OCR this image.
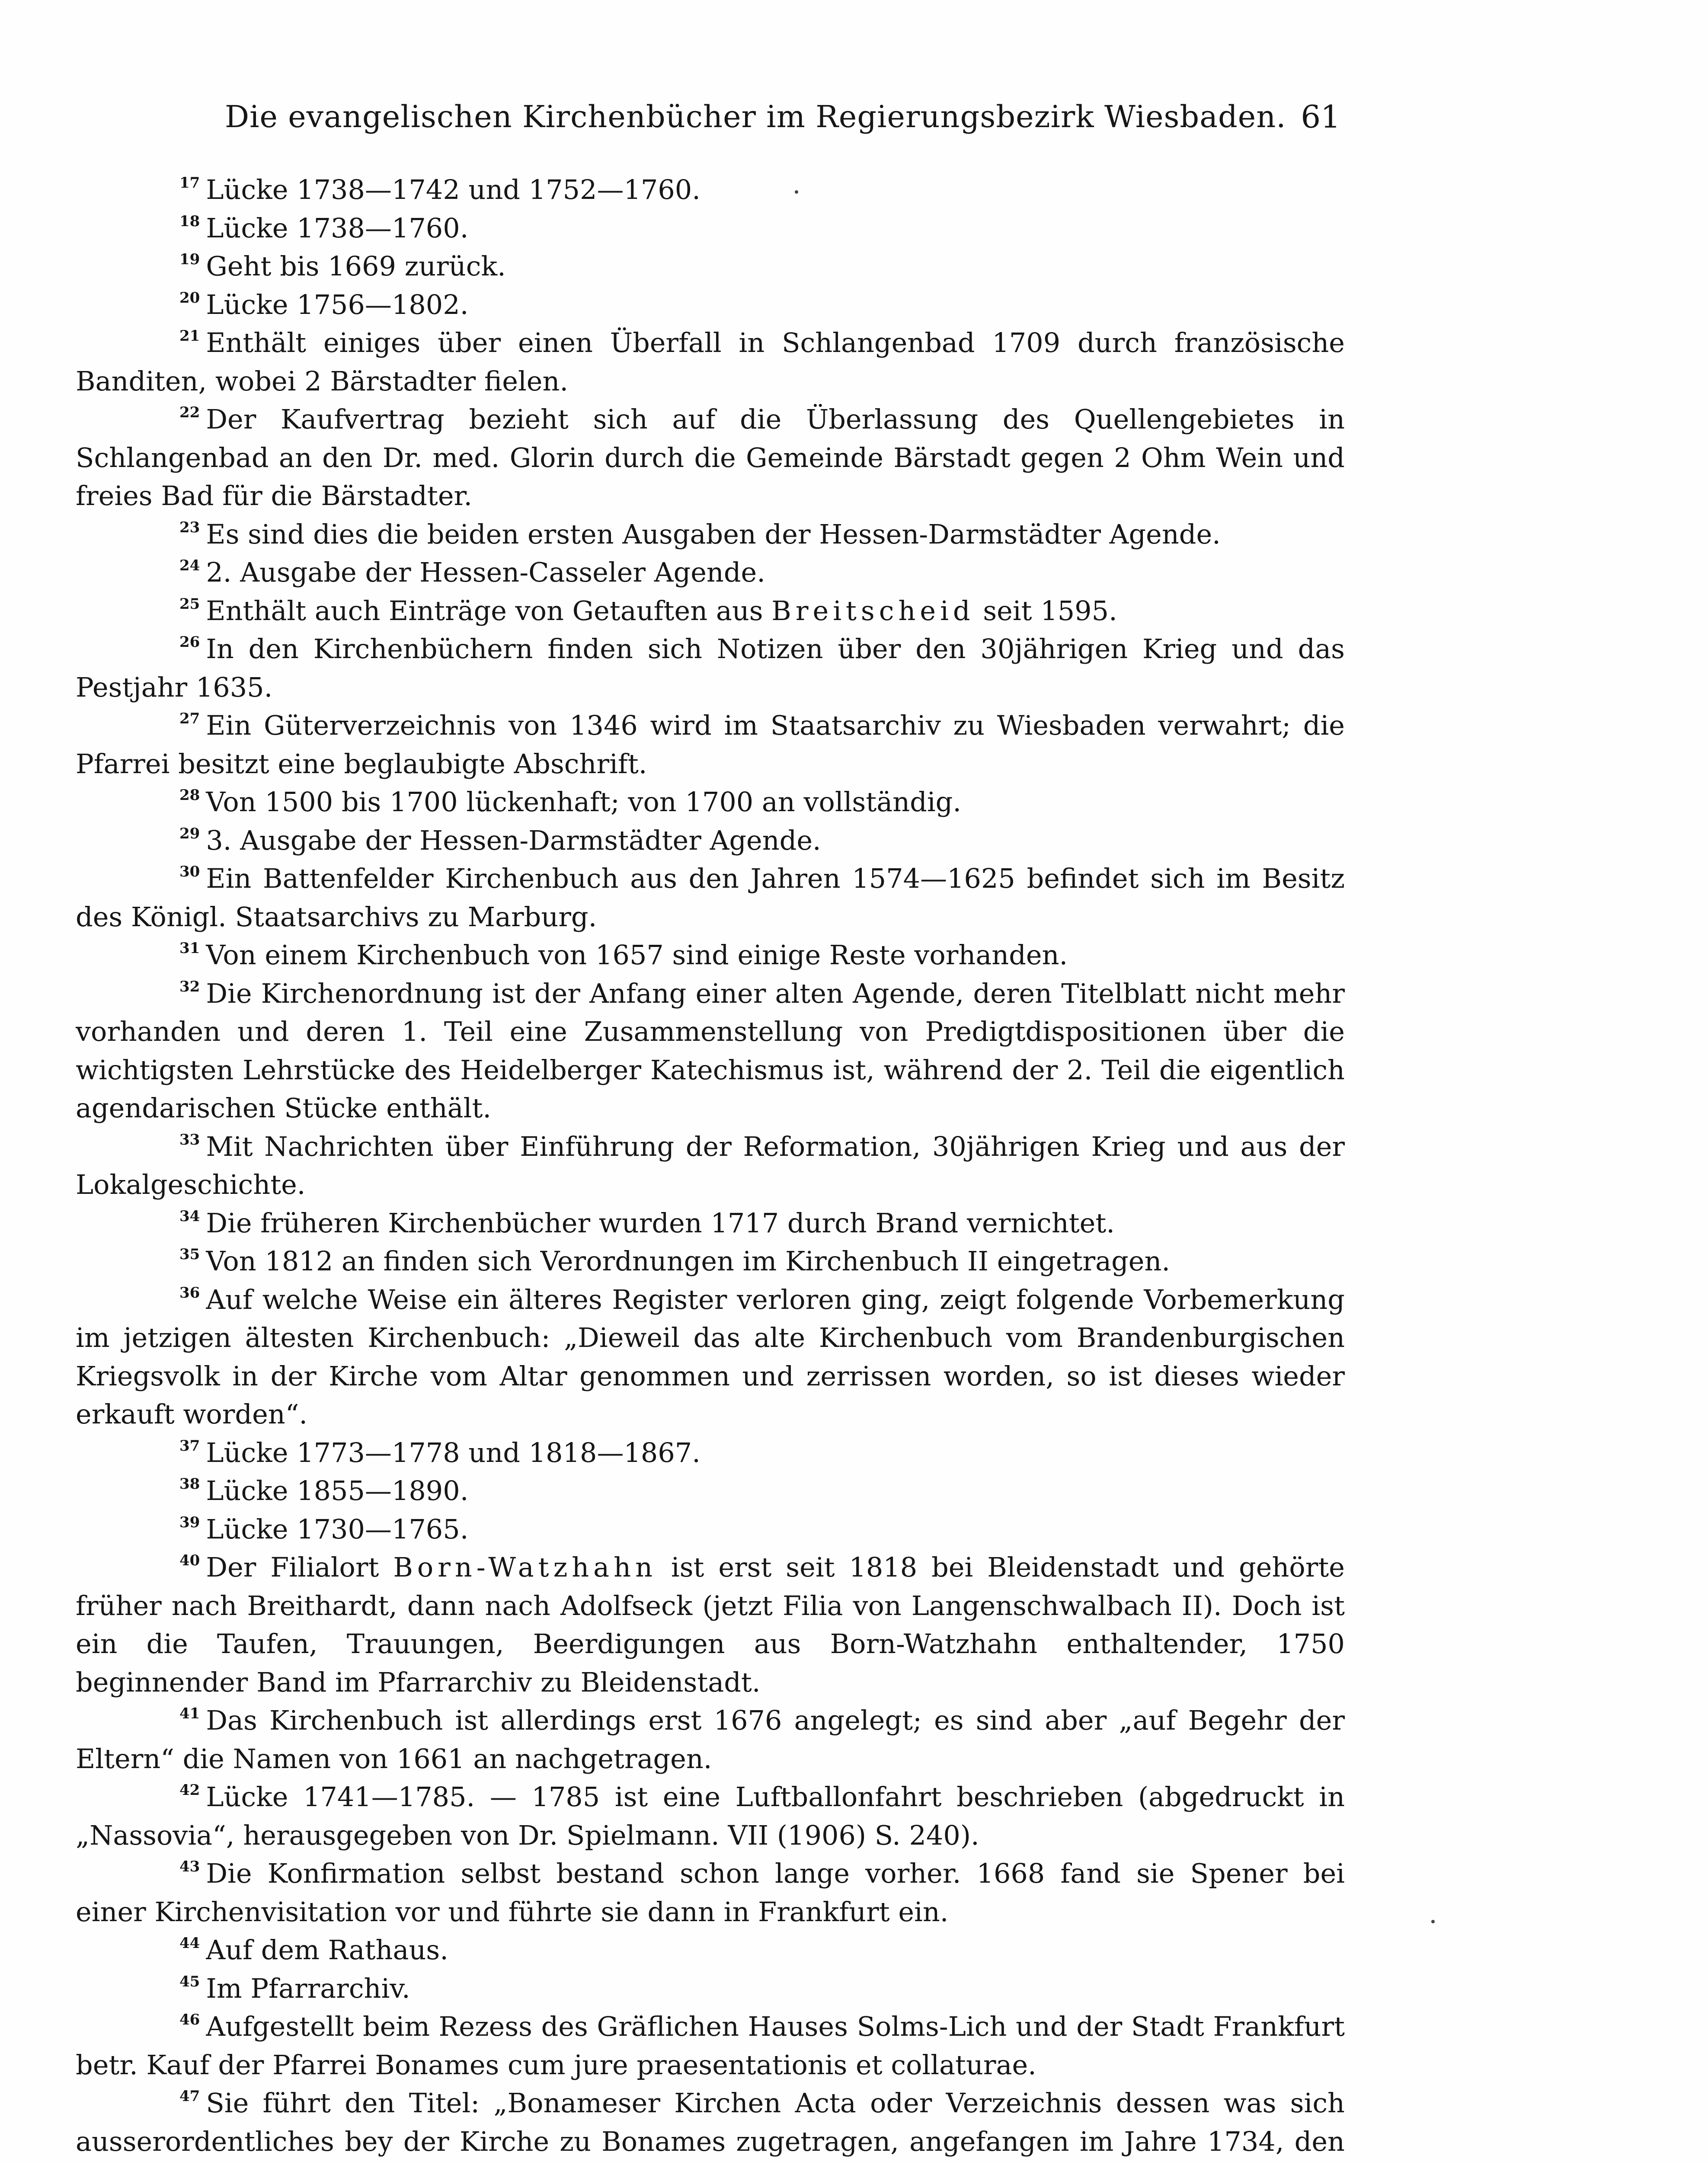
Die evangelischen Kirchenbücher im Regierungsbezirk Wiesbaden. 61

$^{17}$ Lücke 1738—1742 und 1752—1760.

$^{18}$ Lücke 1738—1760.

$^{19}$ Geht bis 1669 zurück.

$^{20}$ Lücke 1756—1802.

$^{21}$ Enthält einiges über einen Überfall in Schlangenbad 1709 durch französische Banditen, wobei 2 Bärstadter fielen.

$^{22}$ Der Kaufvertrag bezieht sich auf die Überlassung des Quellengebietes in Schlangenbad an den Dr. med. Glorin durch die Gemeinde Bärstadt gegen 2 Ohm Wein und freies Bad für die Bärstadter.

$^{23}$ Es sind dies die beiden ersten Ausgaben der Hessen-Darmstädter Agende.

$^{24}$ 2. Ausgabe der Hessen-Casseler Agende.

$^{25}$ Enthält auch Einträge von Getauften aus Breitscheid seit 1595.

$^{26}$ In den Kirchenbüchern finden sich Notizen über den 30jährigen Krieg und das Pestjahr 1635.

$^{27}$ Ein Güterverzeichnis von 1346 wird im Staatsarchiv zu Wiesbaden verwahrt; die Pfarrei besitzt eine beglaubigte Abschrift.

$^{28}$ Von 1500 bis 1700 lückenhaft; von 1700 an vollständig.

$^{29}$ 3. Ausgabe der Hessen-Darmstädter Agende.

$^{30}$ Ein Battenfelder Kirchenbuch aus den Jahren 1574—1625 befindet sich im Besitz des Königl. Staatsarchivs zu Marburg.

$^{31}$ Von einem Kirchenbuch von 1657 sind einige Reste vorhanden.

$^{32}$ Die Kirchenordnung ist der Anfang einer alten Agende, deren Titelblatt nicht mehr vorhanden und deren 1. Teil eine Zusammenstellung von Predigtdispositionen über die wichtigsten Lehrstücke des Heidelberger Katechismus ist, während der 2. Teil die eigentlich agendarischen Stücke enthält.

$^{33}$ Mit Nachrichten über Einführung der Reformation, 30jährigen Krieg und aus der Lokalgeschichte.

$^{34}$ Die früheren Kirchenbücher wurden 1717 durch Brand vernichtet.

$^{35}$ Von 1812 an finden sich Verordnungen im Kirchenbuch II eingetragen.

$^{36}$ Auf welche Weise ein älteres Register verloren ging, zeigt folgende Vorbemerkung im jetzigen ältesten Kirchenbuch: „Dieweil das alte Kirchenbuch vom Brandenburgischen Kriegsvolk in der Kirche vom Altar genommen und zerrissen worden, so ist dieses wieder erkauft worden“.

$^{37}$ Lücke 1773—1778 und 1818—1867.

$^{38}$ Lücke 1855—1890.

$^{39}$ Lücke 1730—1765.

$^{40}$ Der Filialort Born-Watzhahn ist erst seit 1818 bei Bleidenstadt und gehörte früher nach Breithardt, dann nach Adolfseck (jetzt Filia von Langenschwalbach II). Doch ist ein die Taufen, Trauungen, Beerdigungen aus Born-Watzhahn enthaltender, 1750 beginnender Band im Pfarrarchiv zu Bleidenstadt.

$^{41}$ Das Kirchenbuch ist allerdings erst 1676 angelegt; es sind aber „auf Begehr der Eltern“ die Namen von 1661 an nachgetragen.

$^{42}$ Lücke 1741—1785. — 1785 ist eine Luftballonfahrt beschrieben (abgedruckt in „Nassovia“, herausgegeben von Dr. Spielmann. VII (1906) S. 240).

$^{43}$ Die Konfirmation selbst bestand schon lange vorher. 1668 fand sie Spener bei einer Kirchenvisitation vor und führte sie dann in Frankfurt ein.

$^{44}$ Auf dem Rathaus.

$^{45}$ Im Pfarrarchiv.

$^{46}$ Aufgestellt beim Rezess des Gräflichen Hauses Solms-Lich und der Stadt Frankfurt betr. Kauf der Pfarrei Bonames cum jure praesentationis et collaturae.

$^{47}$ Sie führt den Titel: „Bonameser Kirchen Acta oder Verzeichnis dessen was sich ausserordentliches bey der Kirche zu Bonames zugetragen, angefangen im Jahre 1734, den
